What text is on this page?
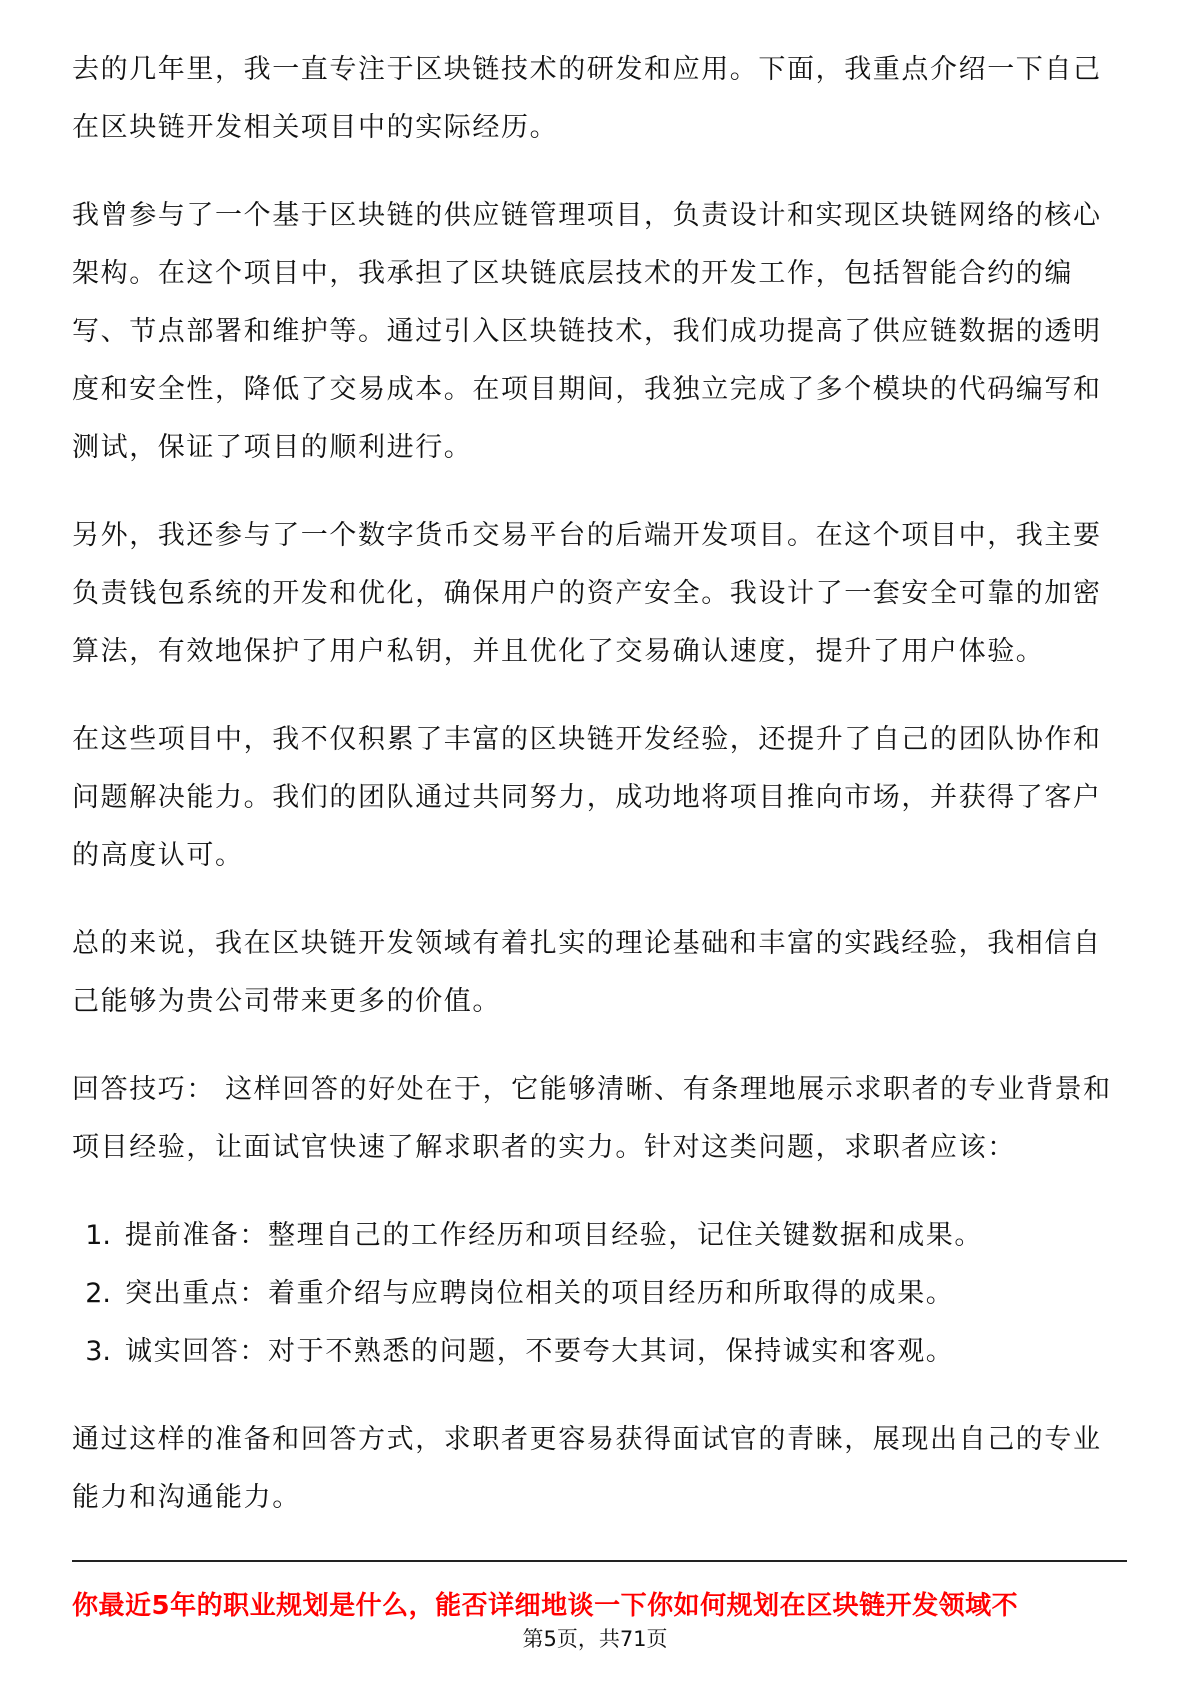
去的几年里，我一直专注于区块链技术的研发和应用。下面，我重点介绍一下自己
在区块链开发相关项目中的实际经历。
我曾参与了一个基于区块链的供应链管理项目，负责设计和实现区块链网络的核心
架构。在这个项目中，我承担了区块链底层技术的开发工作，包括智能合约的编
写、节点部署和维护等。通过引入区块链技术，我们成功提高了供应链数据的透明
度和安全性，降低了交易成本。在项目期间，我独立完成了多个模块的代码编写和
测试，保证了项目的顺利进行。
另外，我还参与了一个数字货币交易平台的后端开发项目。在这个项目中，我主要
负责钱包系统的开发和优化，确保用户的资产安全。我设计了一套安全可靠的加密
算法，有效地保护了用户私钥，并且优化了交易确认速度，提升了用户体验。
在这些项目中，我不仅积累了丰富的区块链开发经验，还提升了自己的团队协作和
问题解决能力。我们的团队通过共同努力，成功地将项目推向市场，并获得了客户
的高度认可。
总的来说，我在区块链开发领域有着扎实的理论基础和丰富的实践经验，我相信自
己能够为贵公司带来更多的价值。
回答技巧： 这样回答的好处在于，它能够清晰、有条理地展示求职者的专业背景和
项目经验，让面试官快速了解求职者的实力。针对这类问题，求职者应该：
1. 提前准备：整理自己的工作经历和项目经验，记住关键数据和成果。
2. 突出重点：着重介绍与应聘岗位相关的项目经历和所取得的成果。
3. 诚实回答：对于不熟悉的问题，不要夸大其词，保持诚实和客观。
通过这样的准备和回答方式，求职者更容易获得面试官的青睐，展现出自己的专业
能力和沟通能力。
你最近5年的职业规划是什么，能否详细地谈一下你如何规划在区块链开发领域不
第5页，共71页
